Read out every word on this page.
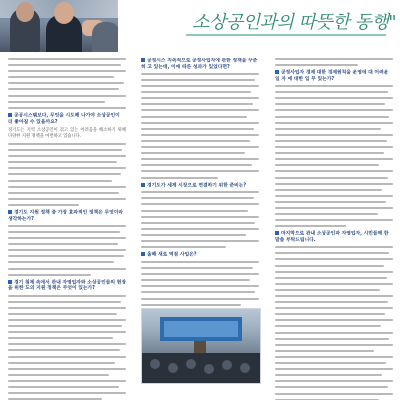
소상공인과의 따뜻한 동행"
공공시스템보다, 무엇을 시도해 나가야 소상공인이 더 좋아질 수 있을까요?
경기도는 지역 소상공인이 겪고 있는 어려움을 해소하기 위해 다양한 지원 정책을 마련하고 있습니다.
경기도 지원 정책 중 가장 효과적인 정책은 무엇이라 생각하는가?
경기 침체 속에서 관내 자영업자와 소상공인들의 현장을 위한 도의 지원 정책은 무엇이 있는가?
공정시스 지속적으로 공정사업자에 관한 정책을 꾸준히 고 있는데, 이에 따른 성과가 있었다면?
경기도가 세계 시장으로 연결하기 위한 준비는?
올해 새로 역점 사업은?
공정사업자 경제 대한 경제원칙을 운영에 대 어려운 일 자 에 대한 입 무 있는가?
마지막으로 관내 소상공인과 자영업자, 시민들께 한 말씀 부탁드립니다.
